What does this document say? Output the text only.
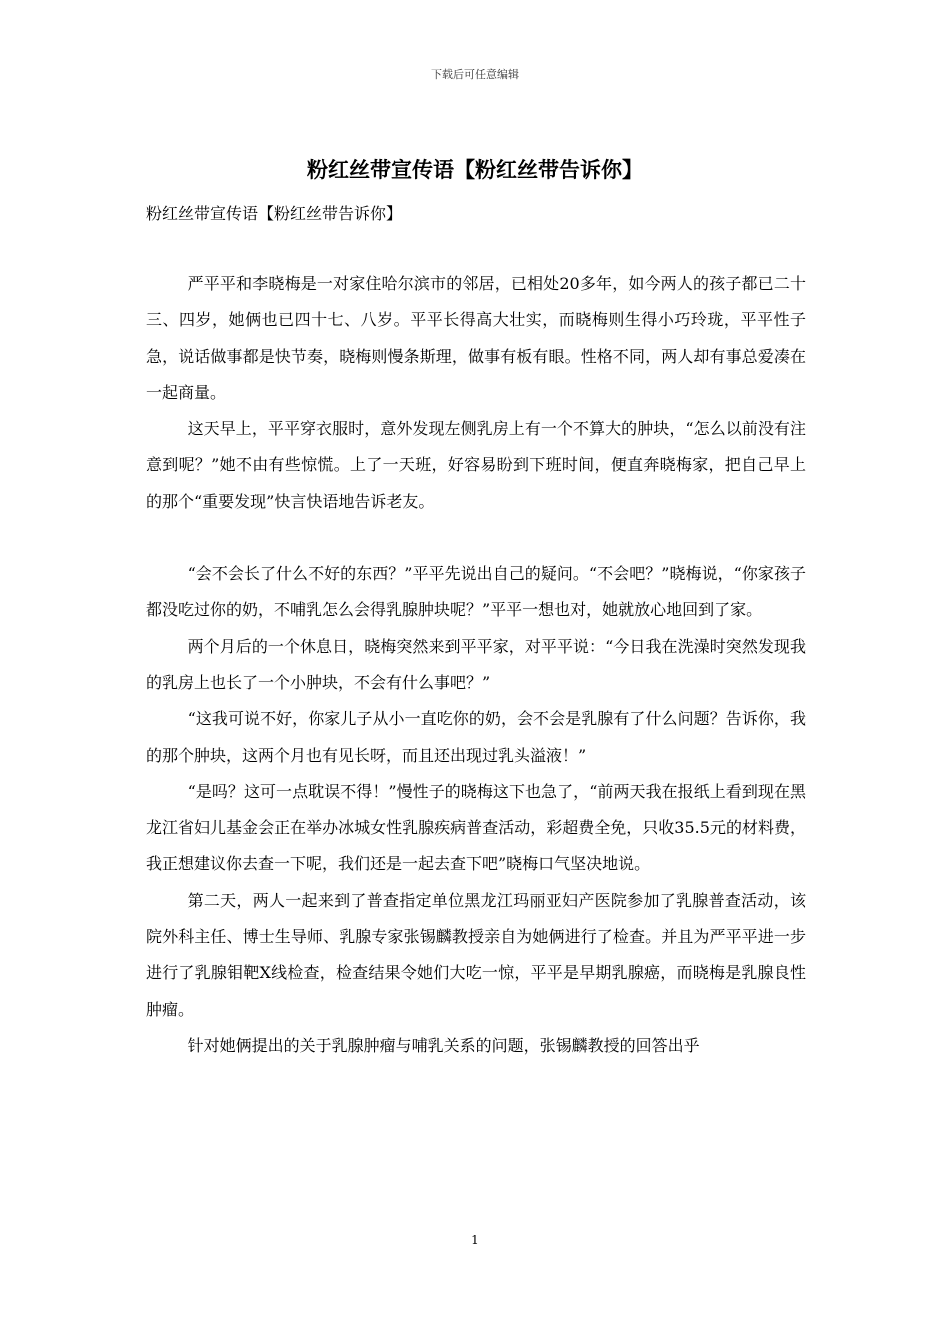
下载后可任意编辑
粉红丝带宣传语【粉红丝带告诉你】

粉红丝带宣传语【粉红丝带告诉你】

严平平和李晓梅是一对家住哈尔滨市的邻居，已相处20多年，如今两人的孩子都已二十三、四岁，她俩也已四十七、八岁。平平长得高大壮实，而晓梅则生得小巧玲珑，平平性子急，说话做事都是快节奏，晓梅则慢条斯理，做事有板有眼。性格不同，两人却有事总爱凑在一起商量。

这天早上，平平穿衣服时，意外发现左侧乳房上有一个不算大的肿块，“怎么以前没有注意到呢？”她不由有些惊慌。上了一天班，好容易盼到下班时间，便直奔晓梅家，把自己早上的那个“重要发现”快言快语地告诉老友。

“会不会长了什么不好的东西？”平平先说出自己的疑问。“不会吧？”晓梅说，“你家孩子都没吃过你的奶，不哺乳怎么会得乳腺肿块呢？”平平一想也对，她就放心地回到了家。

两个月后的一个休息日，晓梅突然来到平平家，对平平说：“今日我在洗澡时突然发现我的乳房上也长了一个小肿块，不会有什么事吧？”

“这我可说不好，你家儿子从小一直吃你的奶，会不会是乳腺有了什么问题？告诉你，我的那个肿块，这两个月也有见长呀，而且还出现过乳头溢液！”

“是吗？这可一点耽误不得！”慢性子的晓梅这下也急了，“前两天我在报纸上看到现在黑龙江省妇儿基金会正在举办冰城女性乳腺疾病普查活动，彩超费全免，只收35.5元的材料费，我正想建议你去查一下呢，我们还是一起去查下吧”晓梅口气坚决地说。

第二天，两人一起来到了普查指定单位黑龙江玛丽亚妇产医院参加了乳腺普查活动，该院外科主任、博士生导师、乳腺专家张锡麟教授亲自为她俩进行了检查。并且为严平平进一步进行了乳腺钼靶X线检查，检查结果令她们大吃一惊，平平是早期乳腺癌，而晓梅是乳腺良性肿瘤。

针对她俩提出的关于乳腺肿瘤与哺乳关系的问题，张锡麟教授的回答出乎

1
